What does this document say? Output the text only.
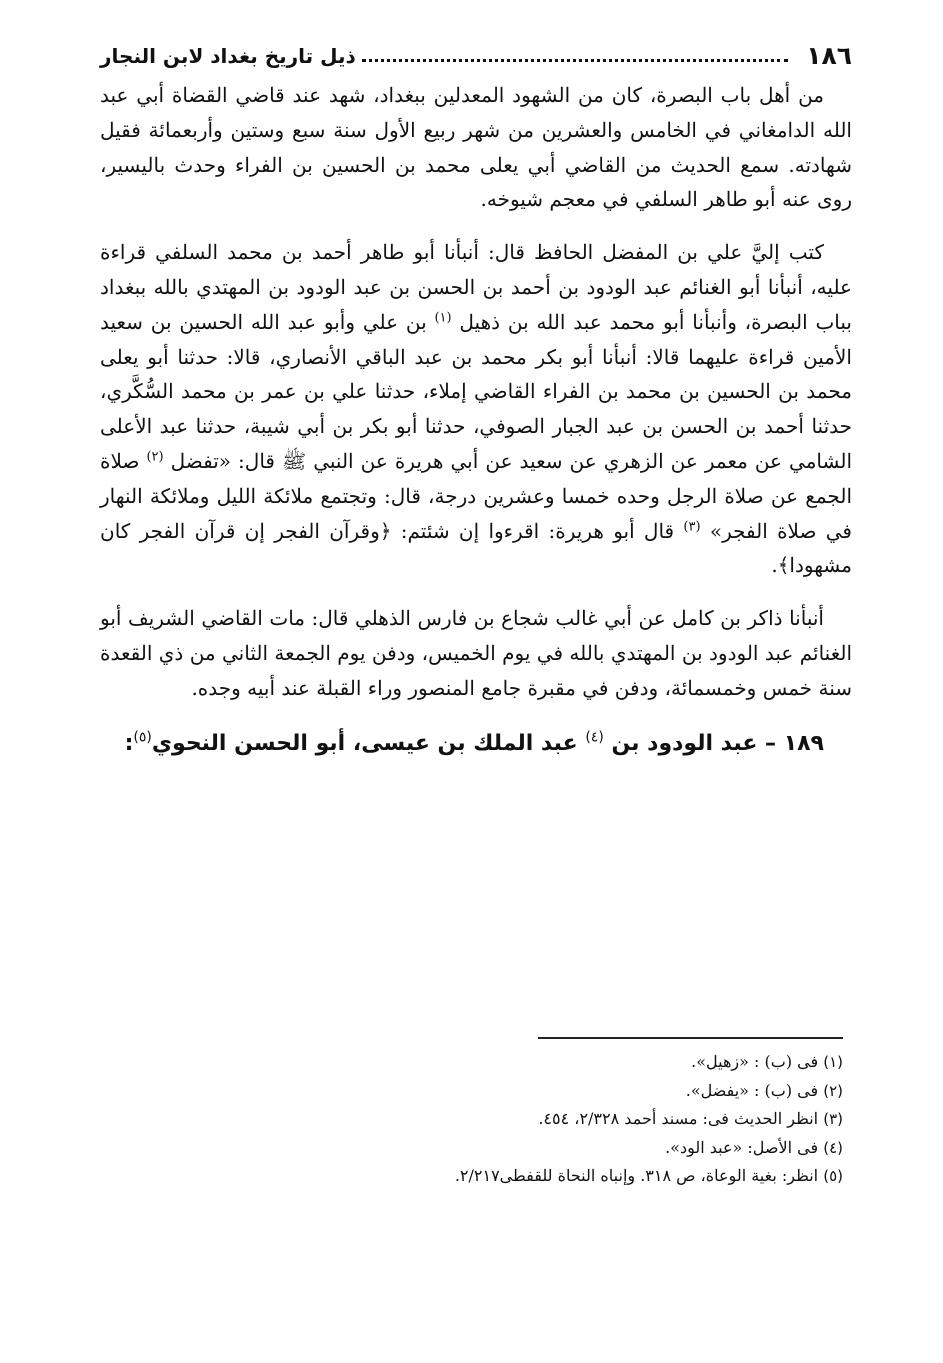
١٨٦
ذيل تاريخ بغداد لابن النجار

من أهل باب البصرة، كان من الشهود المعدلين ببغداد، شهد عند قاضي القضاة أبي عبد الله الدامغاني في الخامس والعشرين من شهر ربيع الأول سنة سبع وستين وأربعمائة فقيل شهادته. سمع الحديث من القاضي أبي يعلى محمد بن الحسين بن الفراء وحدث باليسير، روى عنه أبو طاهر السلفي في معجم شيوخه.

كتب إليَّ علي بن المفضل الحافظ قال: أنبأنا أبو طاهر أحمد بن محمد السلفي قراءة عليه، أنبأنا أبو الغنائم عبد الودود بن أحمد بن الحسن بن عبد الودود بن المهتدي بالله ببغداد بباب البصرة، وأنبأنا أبو محمد عبد الله بن ذهيل $^{(١)}$ بن علي وأبو عبد الله الحسين بن سعيد الأمين قراءة عليهما قالا: أنبأنا أبو بكر محمد بن عبد الباقي الأنصاري، قالا: حدثنا أبو يعلى محمد بن الحسين بن محمد بن الفراء القاضي إملاء، حدثنا علي بن عمر بن محمد السُّكَّري، حدثنا أحمد بن الحسن بن عبد الجبار الصوفي، حدثنا أبو بكر بن أبي شيبة، حدثنا عبد الأعلى الشامي عن معمر عن الزهري عن سعيد عن أبي هريرة عن النبي ﷺ قال: «تفضل $^{(٢)}$ صلاة الجمع عن صلاة الرجل وحده خمسا وعشرين درجة، قال: وتجتمع ملائكة الليل وملائكة النهار في صلاة الفجر» $^{(٣)}$ قال أبو هريرة: اقرءوا إن شئتم: ﴿وقرآن الفجر إن قرآن الفجر كان مشهودا﴾.

أنبأنا ذاكر بن كامل عن أبي غالب شجاع بن فارس الذهلي قال: مات القاضي الشريف أبو الغنائم عبد الودود بن المهتدي بالله في يوم الخميس، ودفن يوم الجمعة الثاني من ذي القعدة سنة خمس وخمسمائة، ودفن في مقبرة جامع المنصور وراء القبلة عند أبيه وجده.

١٨٩ – عبد الودود بن $^{(٤)}$ عبد الملك بن عيسى، أبو الحسن النحوي$^{(٥)}$:
(١) فى (ب) : «زهيل».
(٢) فى (ب) : «يفضل».
(٣) انظر الحديث فى: مسند أحمد ٢/٣٢٨، ٤٥٤.
(٤) فى الأصل: «عبد الود».
(٥) انظر: بغية الوعاة، ص ٣١٨. وإنباه النحاة للقفطى٢/٢١٧.
